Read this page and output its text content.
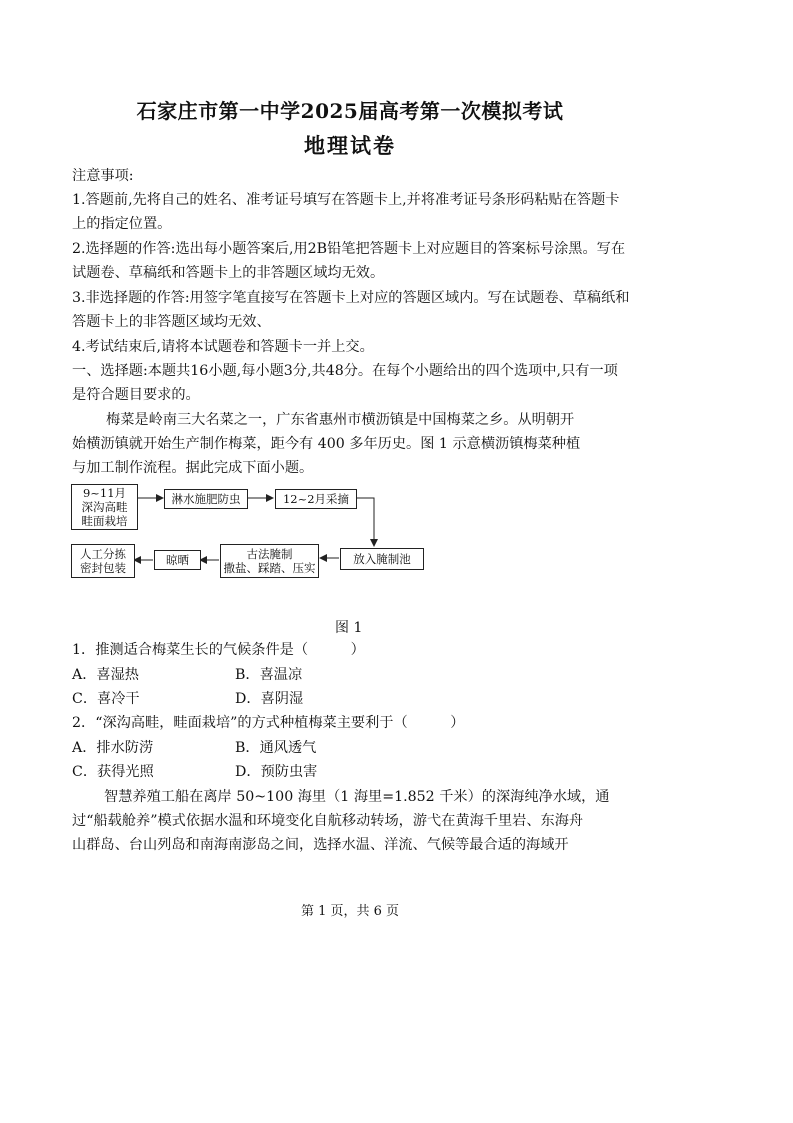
石家庄市第一中学2025届高考第一次模拟考试
地理试卷
注意事项:
1.答题前,先将自己的姓名、准考证号填写在答题卡上,并将准考证号条形码粘贴在答题卡
上的指定位置。
2.选择题的作答:选出每小题答案后,用2B铅笔把答题卡上对应题目的答案标号涂黑。写在
试题卷、草稿纸和答题卡上的非答题区域均无效。
3.非选择题的作答:用签字笔直接写在答题卡上对应的答题区域内。写在试题卷、草稿纸和
答题卡上的非答题区域均无效、
4.考试结束后,请将本试题卷和答题卡一并上交。
一、选择题:本题共16小题,每小题3分,共48分。在每个小题给出的四个选项中,只有一项
是符合题目要求的。
梅菜是岭南三大名菜之一，广东省惠州市横沥镇是中国梅菜之乡。从明朝开
始横沥镇就开始生产制作梅菜，距今有 400 多年历史。图 1 示意横沥镇梅菜种植
与加工制作流程。据此完成下面小题。
9~11月
深沟高畦
畦面栽培
淋水施肥防虫	12~2月采摘
放入腌制池
古法腌制
撒盐、踩踏、压实
晾晒
人工分拣
密封包装
图 1
1．推测适合梅菜生长的气候条件是（　　　）
A．喜湿热	B．喜温凉
C．喜冷干	D．喜阴湿
2．“深沟高畦，畦面栽培”的方式种植梅菜主要利于（　　　）
A．排水防涝	B．通风透气
C．获得光照	D．预防虫害
智慧养殖工船在离岸 50~100 海里（1 海里=1.852 千米）的深海纯净水域，通
过“船载舱养”模式依据水温和环境变化自航移动转场，游弋在黄海千里岩、东海舟
山群岛、台山列岛和南海南澎岛之间，选择水温、洋流、气候等最合适的海域开
第 1 页，共 6 页
